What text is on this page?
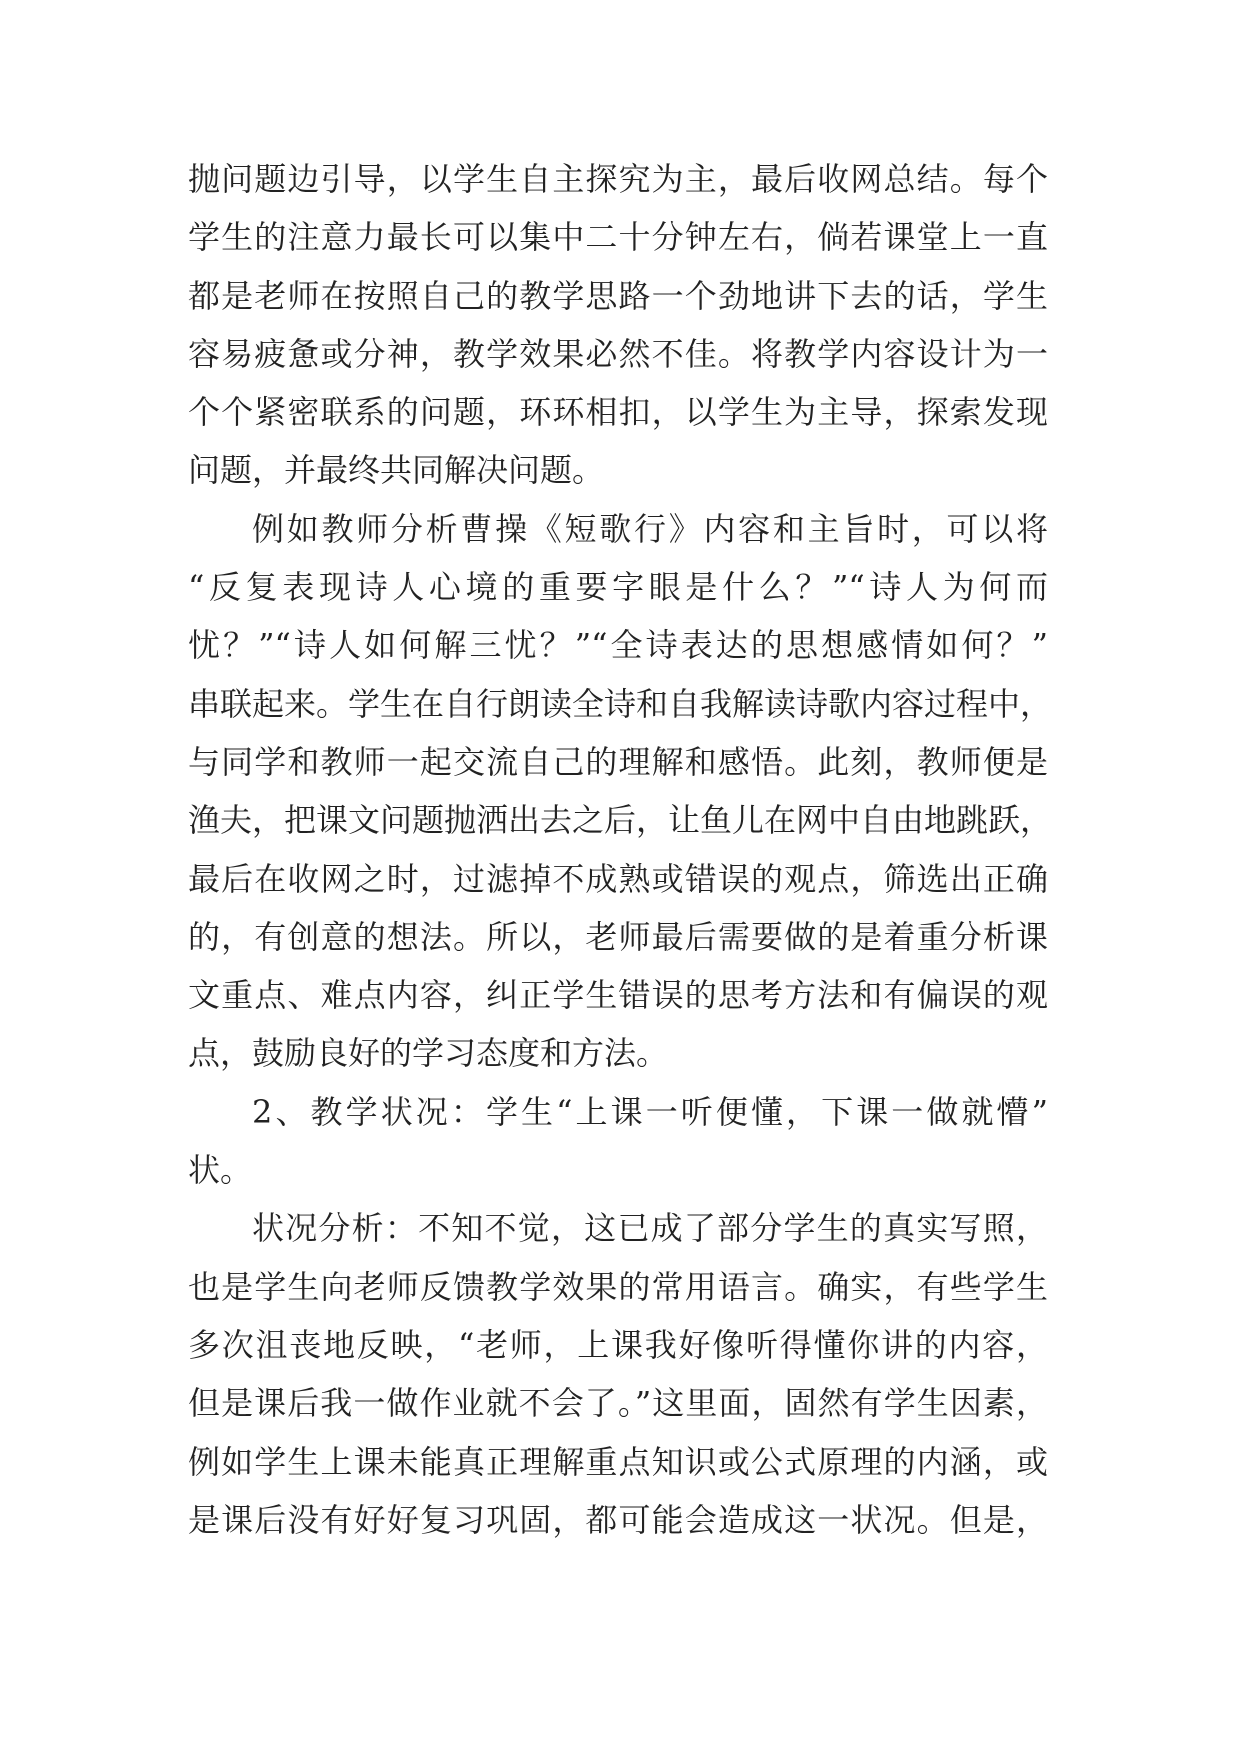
抛问题边引导，以学生自主探究为主，最后收网总结。每个
学生的注意力最长可以集中二十分钟左右，倘若课堂上一直
都是老师在按照自己的教学思路一个劲地讲下去的话，学生
容易疲惫或分神，教学效果必然不佳。将教学内容设计为一
个个紧密联系的问题，环环相扣，以学生为主导，探索发现
问题，并最终共同解决问题。
例如教师分析曹操《短歌行》内容和主旨时，可以将
“反复表现诗人心境的重要字眼是什么？”“诗人为何而
忧？”“诗人如何解三忧？”“全诗表达的思想感情如何？”
串联起来。学生在自行朗读全诗和自我解读诗歌内容过程中，
与同学和教师一起交流自己的理解和感悟。此刻，教师便是
渔夫，把课文问题抛洒出去之后，让鱼儿在网中自由地跳跃，
最后在收网之时，过滤掉不成熟或错误的观点，筛选出正确
的，有创意的想法。所以，老师最后需要做的是着重分析课
文重点、难点内容，纠正学生错误的思考方法和有偏误的观
点，鼓励良好的学习态度和方法。
2、教学状况：学生“上课一听便懂，下课一做就懵”
状。
状况分析：不知不觉，这已成了部分学生的真实写照，
也是学生向老师反馈教学效果的常用语言。确实，有些学生
多次沮丧地反映，“老师，上课我好像听得懂你讲的内容，
但是课后我一做作业就不会了。”这里面，固然有学生因素，
例如学生上课未能真正理解重点知识或公式原理的内涵，或
是课后没有好好复习巩固，都可能会造成这一状况。但是，
